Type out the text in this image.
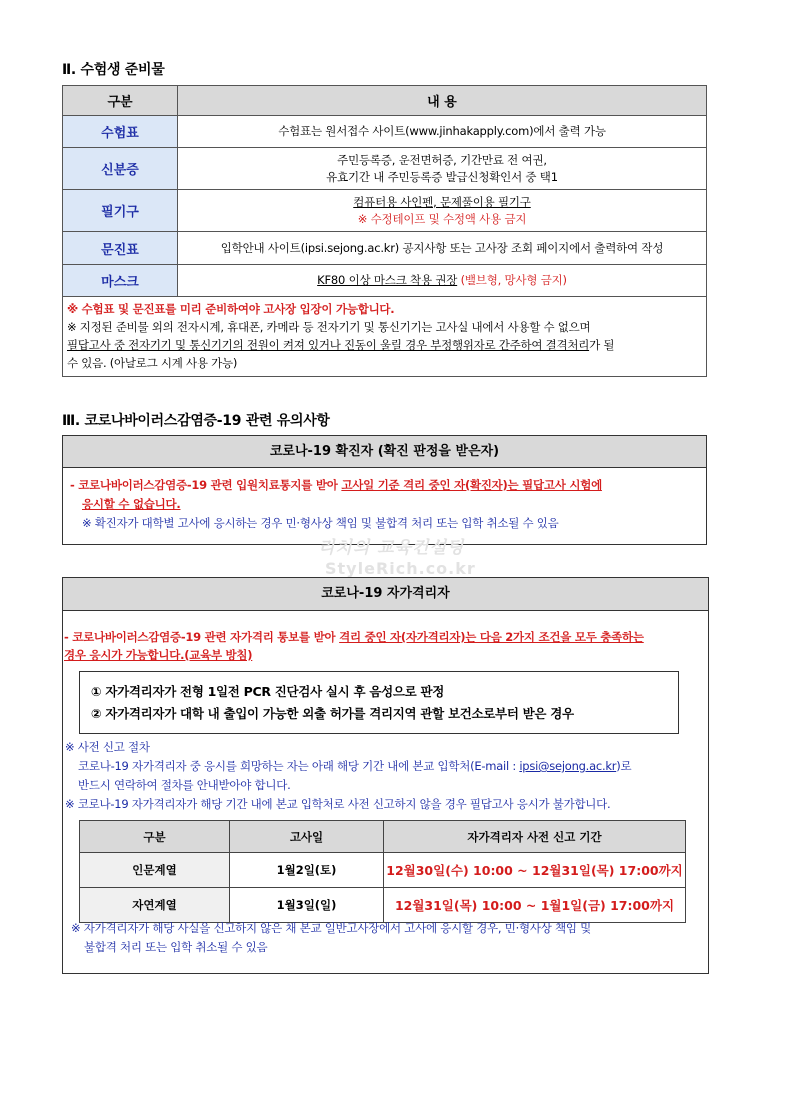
Ⅱ. 수험생 준비물
구분	내 용
수험표	수험표는 원서접수 사이트(www.jinhakapply.com)에서 출력 가능
신분증	주민등록증, 운전면허증, 기간만료 전 여권,
유효기간 내 주민등록증 발급신청확인서 중 택1

필기구	컴퓨터용 사인펜, 문제풀이용 필기구
※ 수정테이프 및 수정액 사용 금지

문진표	입학안내 사이트(ipsi.sejong.ac.kr) 공지사항 또는 고사장 조회 페이지에서 출력하여 작성
마스크	KF80 이상 마스크 착용 권장 (밸브형, 망사형 금지)

※ 수험표 및 문진표를 미리 준비하여야 고사장 입장이 가능합니다.
※ 지정된 준비물 외의 전자시계, 휴대폰, 카메라 등 전자기기 및 통신기기는 고사실 내에서 사용할 수 없으며
필답고사 중 전자기기 및 통신기기의 전원이 켜져 있거나 진동이 울릴 경우 부정행위자로 간주하여 결격처리가 될
수 있음. (아날로그 시계 사용 가능)	
Ⅲ. 코로나바이러스감염증-19 관련 유의사항
코로나-19 확진자 (확진 판정을 받은자)
- 코로나바이러스감염증-19 관련 입원치료통지를 받아 고사일 기준 격리 중인 자(확진자)는 필답고사 시험에
응시할 수 없습니다.
※ 확진자가 대학별 고사에 응시하는 경우 민·형사상 책임 및 불합격 처리 또는 입학 취소될 수 있음
리치의 교육컨설팅
StyleRich.co.kr
코로나-19 자가격리자
- 코로나바이러스감염증-19 관련 자가격리 통보를 받아 격리 중인 자(자가격리자)는 다음 2가지 조건을 모두 충족하는
경우 응시가 가능합니다.(교육부 방침)
① 자가격리자가 전형 1일전 PCR 진단검사 실시 후 음성으로 판정
② 자가격리자가 대학 내 출입이 가능한 외출 허가를 격리지역 관할 보건소로부터 받은 경우
※ 사전 신고 절차
코로나-19 자가격리자 중 응시를 희망하는 자는 아래 해당 기간 내에 본교 입학처(E-mail : ipsi@sejong.ac.kr)로
반드시 연락하여 절차를 안내받아야 합니다.
※ 코로나-19 자가격리자가 해당 기간 내에 본교 입학처로 사전 신고하지 않을 경우 필답고사 응시가 불가합니다.
구분	고사일	자가격리자 사전 신고 기간
인문계열	1월2일(토)	12월30일(수) 10:00 ~ 12월31일(목) 17:00까지
자연계열	1월3일(일)	12월31일(목) 10:00 ~ 1월1일(금) 17:00까지
※ 자가격리자가 해당 사실을 신고하지 않은 채 본교 일반고사장에서 고사에 응시할 경우, 민·형사상 책임 및
불합격 처리 또는 입학 취소될 수 있음
